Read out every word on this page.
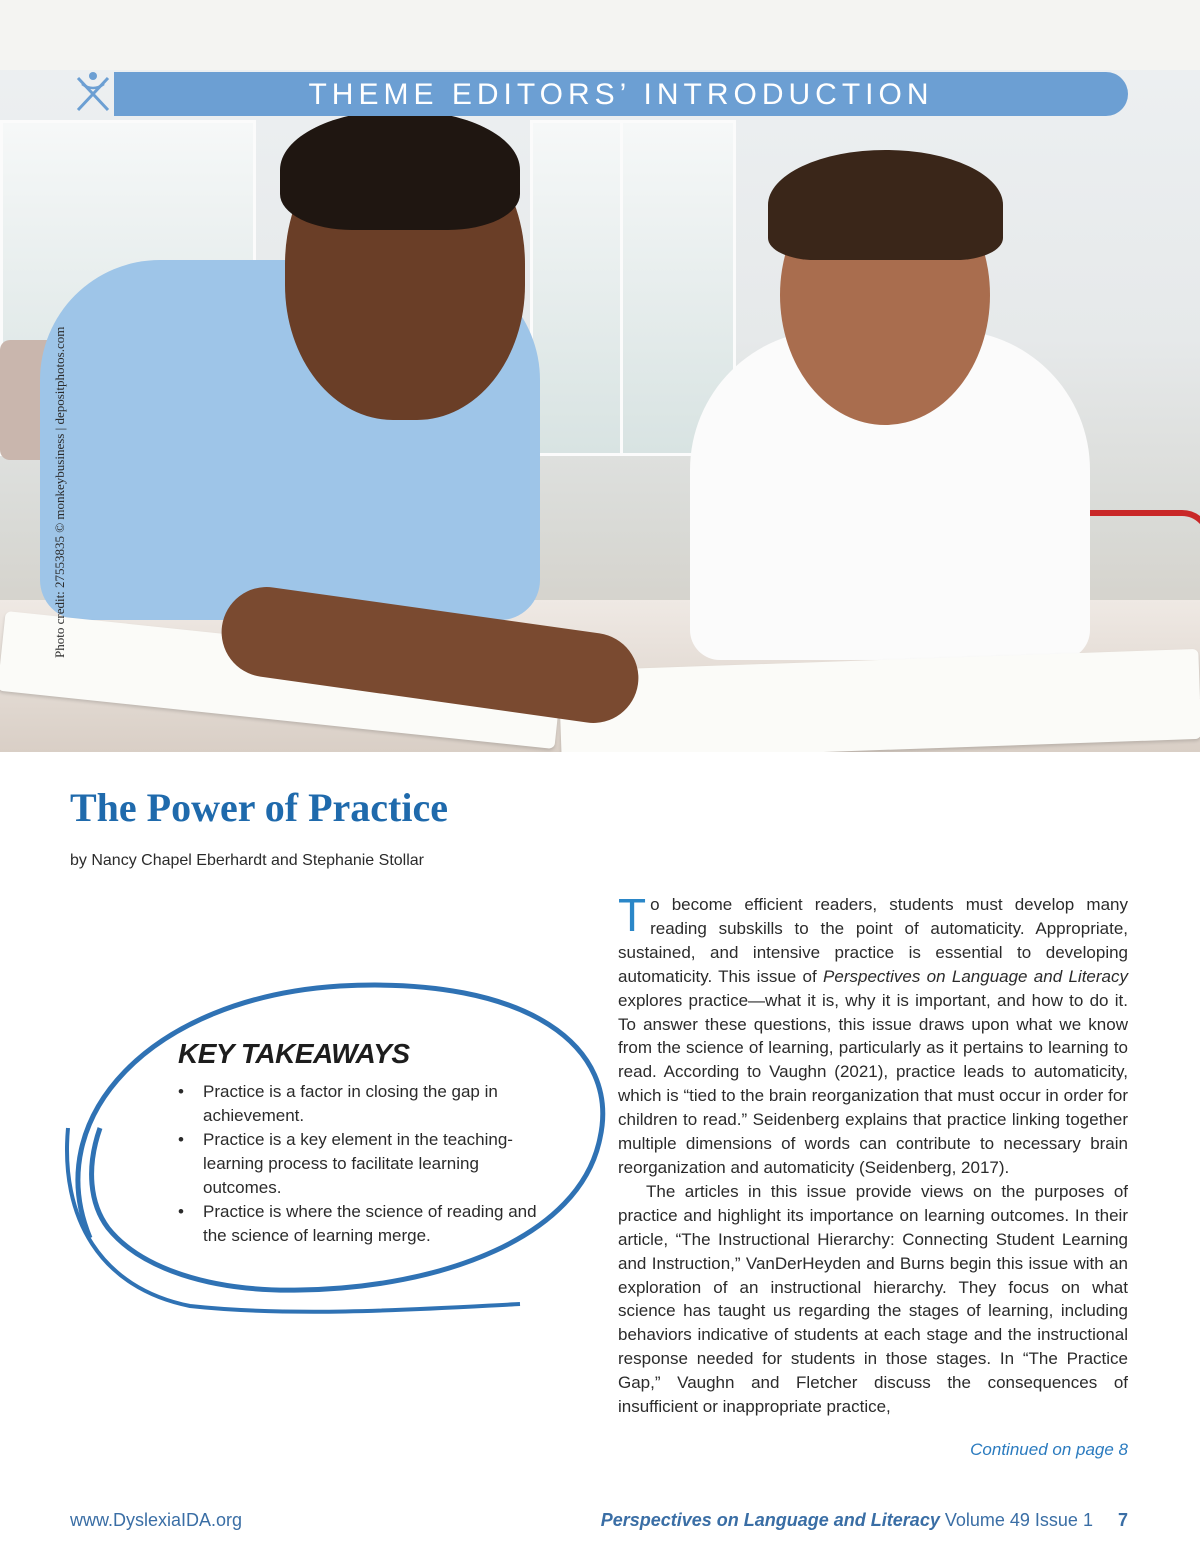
Photo credit: 27553835 © monkeybusiness | depositphotos.com
THEME EDITORS’ INTRODUCTION
The Power of Practice
by Nancy Chapel Eberhardt and Stephanie Stollar
KEY TAKEAWAYS
• Practice is a factor in closing the gap in achievement.
• Practice is a key element in the teaching-learning process to facilitate learning outcomes.
• Practice is where the science of reading and the science of learning merge.

To become efficient readers, students must develop many reading subskills to the point of automaticity. Appropriate, sustained, and intensive practice is essential to developing automaticity. This issue of Perspectives on Language and Literacy explores practice—what it is, why it is important, and how to do it. To answer these questions, this issue draws upon what we know from the science of learning, particularly as it pertains to learning to read. According to Vaughn (2021), practice leads to automaticity, which is “tied to the brain reorganization that must occur in order for children to read.” Seidenberg explains that practice linking together multiple dimensions of words can contribute to necessary brain reorganization and automaticity (Seidenberg, 2017).

The articles in this issue provide views on the purposes of practice and highlight its importance on learning outcomes. In their article, “The Instructional Hierarchy: Connecting Student Learning and Instruction,” VanDerHeyden and Burns begin this issue with an exploration of an instructional hierarchy. They focus on what science has taught us regarding the stages of learning, including behaviors indicative of students at each stage and the instructional response needed for students in those stages. In “The Practice Gap,” Vaughn and Fletcher discuss the consequences of insufficient or inappropriate practice,

Continued on page 8
www.DyslexiaIDA.org	Perspectives on Language and Literacy Volume 49 Issue 1 7
